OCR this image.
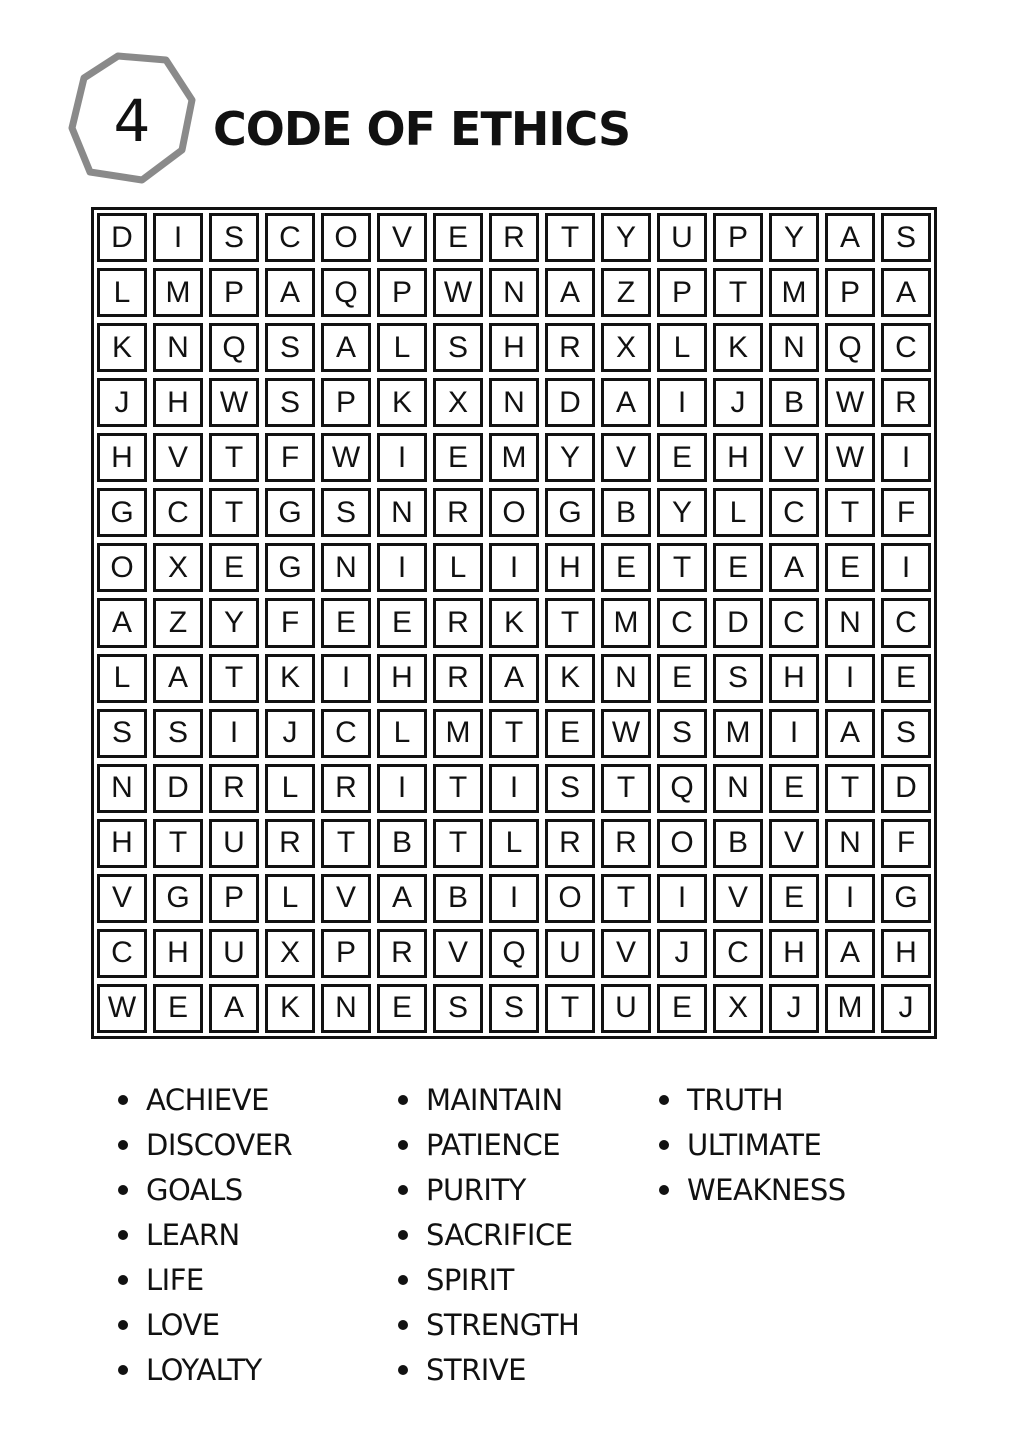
4	CODE OF ETHICS
D	I	S	C	O	V	E	R	T	Y	U	P	Y	A	S
L	M	P	A	Q	P	W	N	A	Z	P	T	M	P	A
K	N	Q	S	A	L	S	H	R	X	L	K	N	Q	C
J	H	W	S	P	K	X	N	D	A	I	J	B	W	R
H	V	T	F	W	I	E	M	Y	V	E	H	V	W	I
G	C	T	G	S	N	R	O	G	B	Y	L	C	T	F
O	X	E	G	N	I	L	I	H	E	T	E	A	E	I
A	Z	Y	F	E	E	R	K	T	M	C	D	C	N	C
L	A	T	K	I	H	R	A	K	N	E	S	H	I	E
S	S	I	J	C	L	M	T	E	W	S	M	I	A	S
N	D	R	L	R	I	T	I	S	T	Q	N	E	T	D
H	T	U	R	T	B	T	L	R	R	O	B	V	N	F
V	G	P	L	V	A	B	I	O	T	I	V	E	I	G
C	H	U	X	P	R	V	Q	U	V	J	C	H	A	H
W	E	A	K	N	E	S	S	T	U	E	X	J	M	J
ACHIEVE
DISCOVER
GOALS
LEARN
LIFE
LOVE
LOYALTY
MAINTAIN
PATIENCE
PURITY
SACRIFICE
SPIRIT
STRENGTH
STRIVE
TRUTH
ULTIMATE
WEAKNESS
